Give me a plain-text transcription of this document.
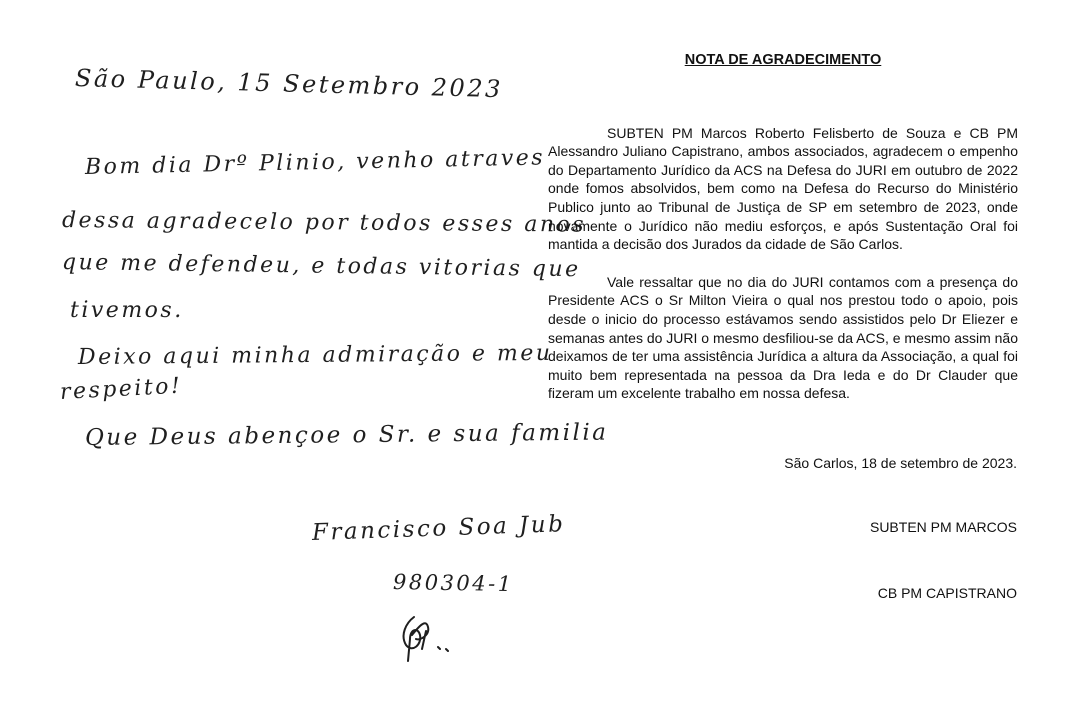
São Paulo, 15 Setembro 2023
Bom dia Drº Plinio, venho atraves
dessa agradecelo por todos esses anos
que me defendeu, e todas vitorias que
tivemos.
Deixo aqui minha admiração e meu
respeito!
Que Deus abençoe o Sr. e sua familia
Francisco Soa Jub
980304-1
NOTA DE AGRADECIMENTO

SUBTEN PM Marcos Roberto Felisberto de Souza e CB PM Alessandro Juliano Capistrano, ambos associados, agradecem o empenho do Departamento Jurídico da ACS na Defesa do JURI em outubro de 2022 onde fomos absolvidos, bem como na Defesa do Recurso do Ministério Publico junto ao Tribunal de Justiça de SP em setembro de 2023, onde novamente o Jurídico não mediu esforços, e após Sustentação Oral foi mantida a decisão dos Jurados da cidade de São Carlos.

Vale ressaltar que no dia do JURI contamos com a presença do Presidente ACS o Sr Milton Vieira o qual nos prestou todo o apoio, pois desde o inicio do processo estávamos sendo assistidos pelo Dr Eliezer e semanas antes do JURI o mesmo desfiliou-se da ACS, e mesmo assim não deixamos de ter uma assistência Jurídica a altura da Associação, a qual foi muito bem representada na pessoa da Dra Ieda e do Dr Clauder que fizeram um excelente trabalho em nossa defesa.

São Carlos, 18 de setembro de 2023.
SUBTEN PM MARCOS
CB PM CAPISTRANO
